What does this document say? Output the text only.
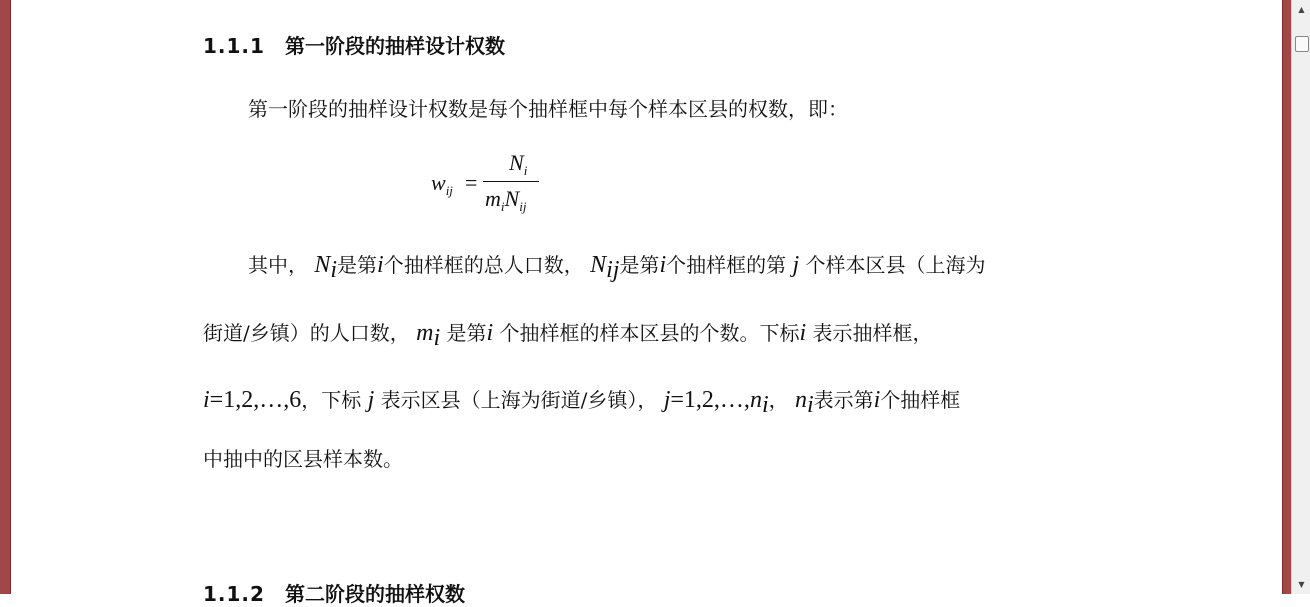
▲
▼
1.1.1 第一阶段的抽样设计权数

第一阶段的抽样设计权数是每个抽样框中每个样本区县的权数，即：

$w_{ij}$ =
$N_i$
$m_iN_{ij}$

其中， $N_i$是第i个抽样框的总人口数， $N_{ij}$是第i个抽样框的第 j 个样本区县（上海为

街道/乡镇）的人口数， $m_i$ 是第i 个抽样框的样本区县的个数。下标i 表示抽样框，

i=1,2,…,6，下标 j 表示区县（上海为街道/乡镇）， $j=1,2,\dots,n_i$， $n_i$表示第i个抽样框

中抽中的区县样本数。

1.1.2 第二阶段的抽样权数
